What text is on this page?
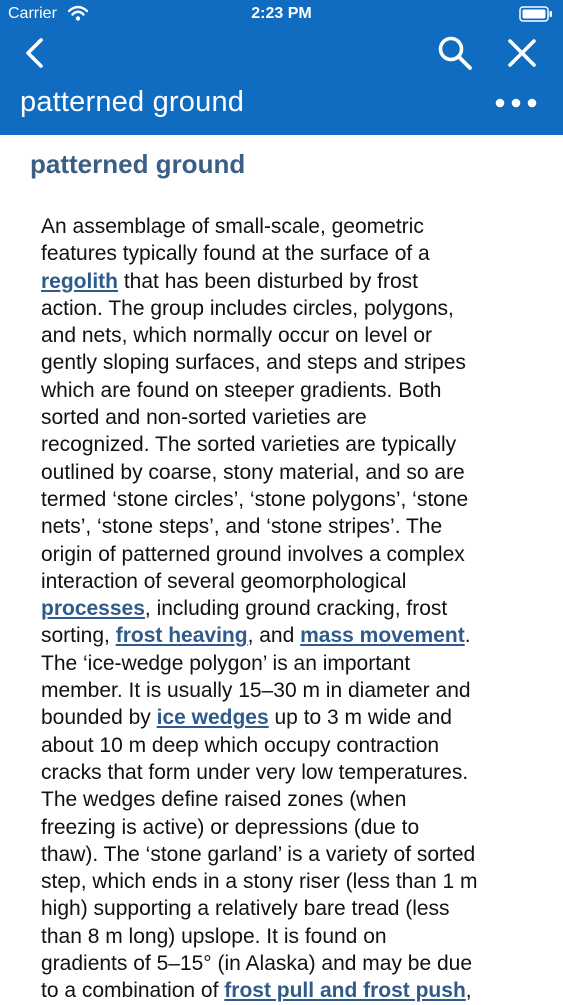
Carrier	2:23 PM
patterned ground
patterned ground

An assemblage of small-scale, geometric
features typically found at the surface of a
regolith that has been disturbed by frost
action. The group includes circles, polygons,
and nets, which normally occur on level or
gently sloping surfaces, and steps and stripes
which are found on steeper gradients. Both
sorted and non-sorted varieties are
recognized. The sorted varieties are typically
outlined by coarse, stony material, and so are
termed ‘stone circles’, ‘stone polygons’, ‘stone
nets’, ‘stone steps’, and ‘stone stripes’. The
origin of patterned ground involves a complex
interaction of several geomorphological
processes, including ground cracking, frost
sorting, frost heaving, and mass movement.
The ‘ice-wedge polygon’ is an important
member. It is usually 15–30 m in diameter and
bounded by ice wedges up to 3 m wide and
about 10 m deep which occupy contraction
cracks that form under very low temperatures.
The wedges define raised zones (when
freezing is active) or depressions (due to
thaw). The ‘stone garland’ is a variety of sorted
step, which ends in a stony riser (less than 1 m
high) supporting a relatively bare tread (less
than 8 m long) upslope. It is found on
gradients of 5–15° (in Alaska) and may be due
to a combination of frost pull and frost push,
